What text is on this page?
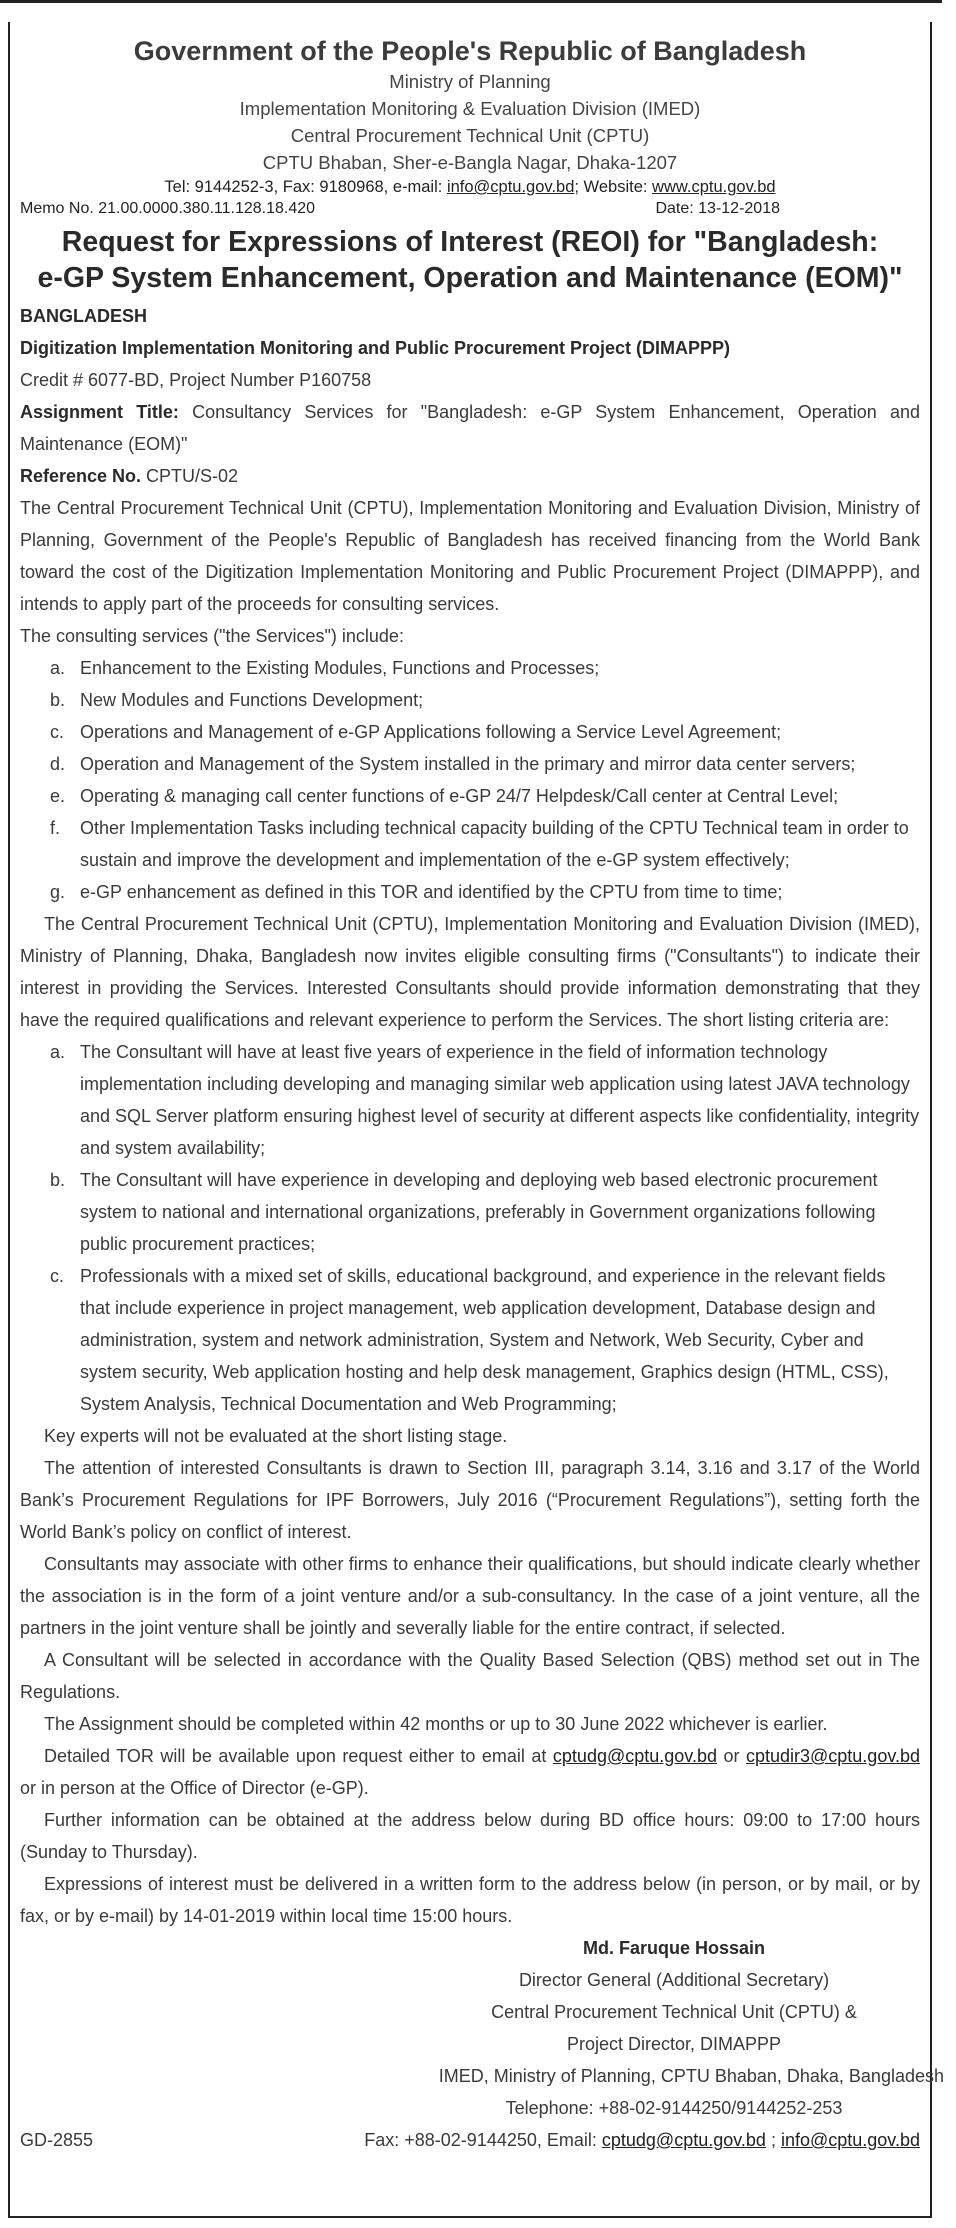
Government of the People's Republic of Bangladesh
Ministry of Planning
Implementation Monitoring & Evaluation Division (IMED)
Central Procurement Technical Unit (CPTU)
CPTU Bhaban, Sher-e-Bangla Nagar, Dhaka-1207
Tel: 9144252-3, Fax: 9180968, e-mail: info@cptu.gov.bd; Website: www.cptu.gov.bd
Memo No. 21.00.0000.380.11.128.18.420	Date: 13-12-2018
Request for Expressions of Interest (REOI) for "Bangladesh:
e-GP System Enhancement, Operation and Maintenance (EOM)"

BANGLADESH

Digitization Implementation Monitoring and Public Procurement Project (DIMAPPP)

Credit # 6077-BD, Project Number P160758

Assignment Title: Consultancy Services for "Bangladesh: e-GP System Enhancement, Operation and Maintenance (EOM)"

Reference No. CPTU/S-02

The Central Procurement Technical Unit (CPTU), Implementation Monitoring and Evaluation Division, Ministry of Planning, Government of the People's Republic of Bangladesh has received financing from the World Bank toward the cost of the Digitization Implementation Monitoring and Public Procurement Project (DIMAPPP), and intends to apply part of the proceeds for consulting services.

The consulting services ("the Services") include:

a. Enhancement to the Existing Modules, Functions and Processes;
b. New Modules and Functions Development;
c. Operations and Management of e-GP Applications following a Service Level Agreement;
d. Operation and Management of the System installed in the primary and mirror data center servers;
e. Operating & managing call center functions of e-GP 24/7 Helpdesk/Call center at Central Level;
f.	Other Implementation Tasks including technical capacity building of the CPTU Technical team in order to sustain and improve the development and implementation of the e-GP system effectively;
g. e-GP enhancement as defined in this TOR and identified by the CPTU from time to time;

The Central Procurement Technical Unit (CPTU), Implementation Monitoring and Evaluation Division (IMED), Ministry of Planning, Dhaka, Bangladesh now invites eligible consulting firms ("Consultants") to indicate their interest in providing the Services. Interested Consultants should provide information demonstrating that they have the required qualifications and relevant experience to perform the Services. The short listing criteria are:

a. The Consultant will have at least five years of experience in the field of information technology implementation including developing and managing similar web application using latest JAVA technology and SQL Server platform ensuring highest level of security at different aspects like confidentiality, integrity and system availability;
b. The Consultant will have experience in developing and deploying web based electronic procurement system to national and international organizations, preferably in Government organizations following public procurement practices;
c. Professionals with a mixed set of skills, educational background, and experience in the relevant fields that include experience in project management, web application development, Database design and administration, system and network administration, System and Network, Web Security, Cyber and system security, Web application hosting and help desk management, Graphics design (HTML, CSS), System Analysis, Technical Documentation and Web Programming;

Key experts will not be evaluated at the short listing stage.

The attention of interested Consultants is drawn to Section III, paragraph 3.14, 3.16 and 3.17 of the World Bank’s Procurement Regulations for IPF Borrowers, July 2016 (“Procurement Regulations”), setting forth the World Bank’s policy on conflict of interest.

Consultants may associate with other firms to enhance their qualifications, but should indicate clearly whether the association is in the form of a joint venture and/or a sub-consultancy. In the case of a joint venture, all the partners in the joint venture shall be jointly and severally liable for the entire contract, if selected.

A Consultant will be selected in accordance with the Quality Based Selection (QBS) method set out in The Regulations.

The Assignment should be completed within 42 months or up to 30 June 2022 whichever is earlier.

Detailed TOR will be available upon request either to email at cptudg@cptu.gov.bd or cptudir3@cptu.gov.bd or in person at the Office of Director (e-GP).

Further information can be obtained at the address below during BD office hours: 09:00 to 17:00 hours (Sunday to Thursday).

Expressions of interest must be delivered in a written form to the address below (in person, or by mail, or by fax, or by e-mail) by 14-01-2019 within local time 15:00 hours.

Md. Faruque Hossain
Director General (Additional Secretary)
Central Procurement Technical Unit (CPTU) &
Project Director, DIMAPPP
IMED, Ministry of Planning, CPTU Bhaban, Dhaka, Bangladesh
Telephone: +88-02-9144250/9144252-253
GD-2855	Fax: +88-02-9144250, Email: cptudg@cptu.gov.bd ; info@cptu.gov.bd
